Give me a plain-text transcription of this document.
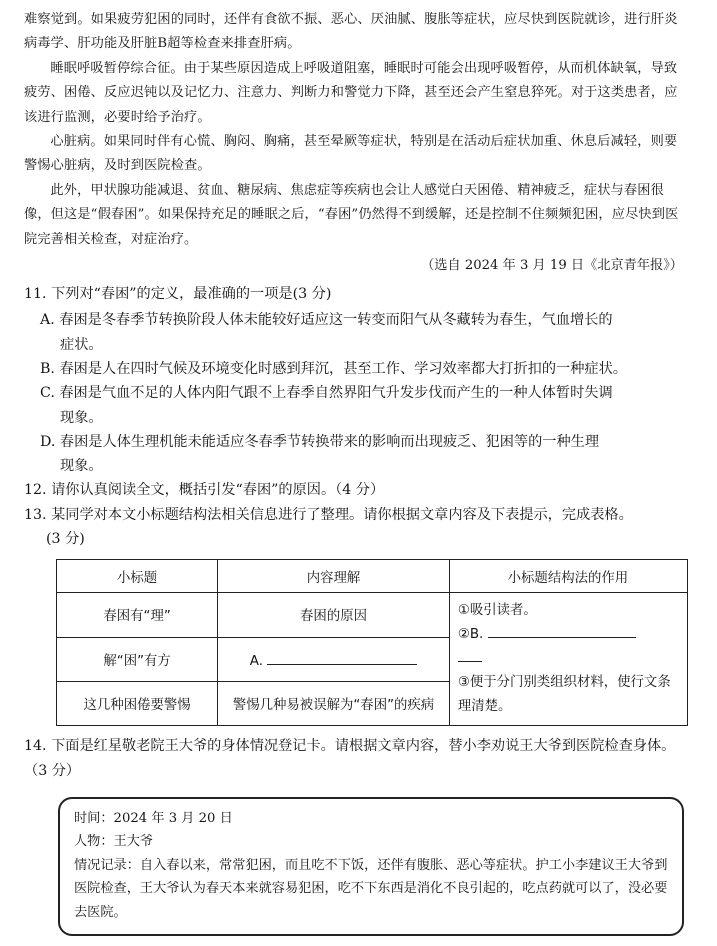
难察觉到。如果疲劳犯困的同时，还伴有食欲不振、恶心、厌油腻、腹胀等症状，应尽快到医院就诊，进行肝炎病毒学、肝功能及肝脏B超等检查来排查肝病。

睡眠呼吸暂停综合征。由于某些原因造成上呼吸道阻塞，睡眠时可能会出现呼吸暂停，从而机体缺氧，导致疲劳、困倦、反应迟钝以及记忆力、注意力、判断力和警觉力下降，甚至还会产生窒息猝死。对于这类患者，应该进行监测，必要时给予治疗。

心脏病。如果同时伴有心慌、胸闷、胸痛，甚至晕厥等症状，特别是在活动后症状加重、休息后减轻，则要警惕心脏病，及时到医院检查。

此外，甲状腺功能减退、贫血、糖尿病、焦虑症等疾病也会让人感觉白天困倦、精神疲乏，症状与春困很像，但这是“假春困”。如果保持充足的睡眠之后，“春困”仍然得不到缓解，还是控制不住频频犯困，应尽快到医院完善相关检查，对症治疗。

（选自 2024 年 3 月 19 日《北京青年报》）

11. 下列对“春困”的定义，最准确的一项是(3 分)

A. 春困是冬春季节转换阶段人体未能较好适应这一转变而阳气从冬藏转为春生，气血增长的
症状。

B. 春困是人在四时气候及环境变化时感到拜沉，甚至工作、学习效率都大打折扣的一种症状。

C. 春困是气血不足的人体内阳气跟不上春季自然界阳气升发步伐而产生的一种人体暂时失调
现象。

D. 春困是人体生理机能未能适应冬春季节转换带来的影响而出现疲乏、犯困等的一种生理
现象。

12. 请你认真阅读全文，概括引发“春困”的原因。（4 分）

13. 某同学对本文小标题结构法相关信息进行了整理。请你根据文章内容及下表提示，完成表格。

(3 分)

小标题	内容理解	小标题结构法的作用
春困有“理”	春困的原因	①吸引读者。
②B.
③便于分门别类组织材料，使行文条理清楚。

解“困”有方	A.	
这几种困倦要警惕	警惕几种易被误解为“春困”的疾病	

14. 下面是红星敬老院王大爷的身体情况登记卡。请根据文章内容，替小李劝说王大爷到医院检查身体。（3 分）

时间：2024 年 3 月 20 日

人物：王大爷

情况记录：自入春以来，常常犯困，而且吃不下饭，还伴有腹胀、恶心等症状。护工小李建议王大爷到医院检查，王大爷认为春天本来就容易犯困，吃不下东西是消化不良引起的，吃点药就可以了，没必要去医院。
